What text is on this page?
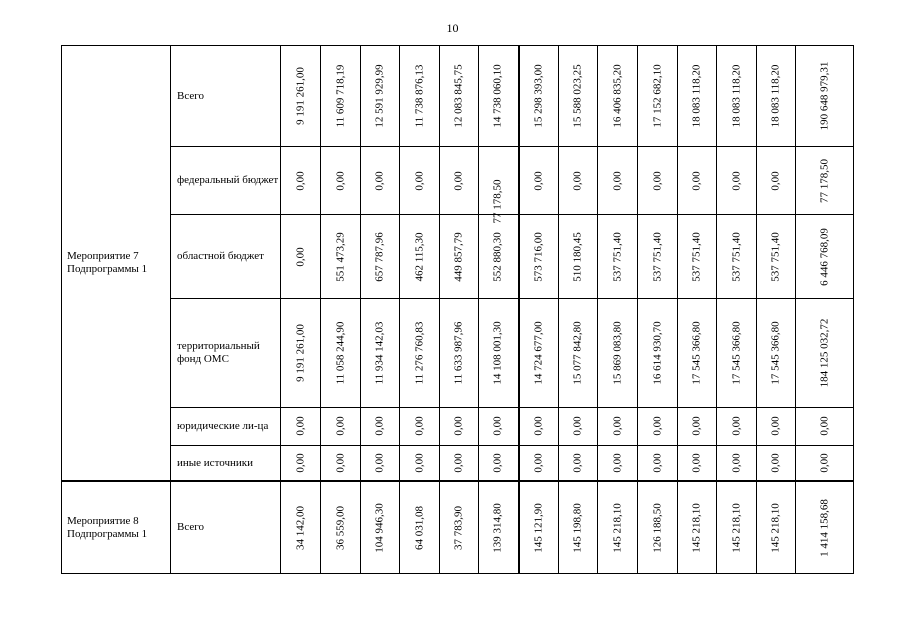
10
Мероприятие 7 Подпрограммы 1	Всего	9 191 261,00	11 609 718,19	12 591 929,99	11 738 876,13	12 083 845,75	14 738 060,10	15 298 393,00	15 588 023,25	16 406 835,20	17 152 682,10	18 083 118,20	18 083 118,20	18 083 118,20	190 648 979,31

	федеральный бюджет	0,00	0,00	0,00	0,00	0,00	77 178,50	0,00	0,00	0,00	0,00	0,00	0,00	0,00	77 178,50

	областной бюджет	0,00	551 473,29	657 787,96	462 115,30	449 857,79	552 880,30	573 716,00	510 180,45	537 751,40	537 751,40	537 751,40	537 751,40	537 751,40	6 446 768,09

	территориальный фонд ОМС	9 191 261,00	11 058 244,90	11 934 142,03	11 276 760,83	11 633 987,96	14 108 001,30	14 724 677,00	15 077 842,80	15 869 083,80	16 614 930,70	17 545 366,80	17 545 366,80	17 545 366,80	184 125 032,72

	юридические ли-ца	0,00	0,00	0,00	0,00	0,00	0,00	0,00	0,00	0,00	0,00	0,00	0,00	0,00	0,00

	иные источники	0,00	0,00	0,00	0,00	0,00	0,00	0,00	0,00	0,00	0,00	0,00	0,00	0,00	0,00

Мероприятие 8 Подпрограммы 1	Всего	34 142,00	36 559,00	104 946,30	64 031,08	37 783,90	139 314,80	145 121,90	145 198,80	145 218,10	126 188,50	145 218,10	145 218,10	145 218,10	1 414 158,68
